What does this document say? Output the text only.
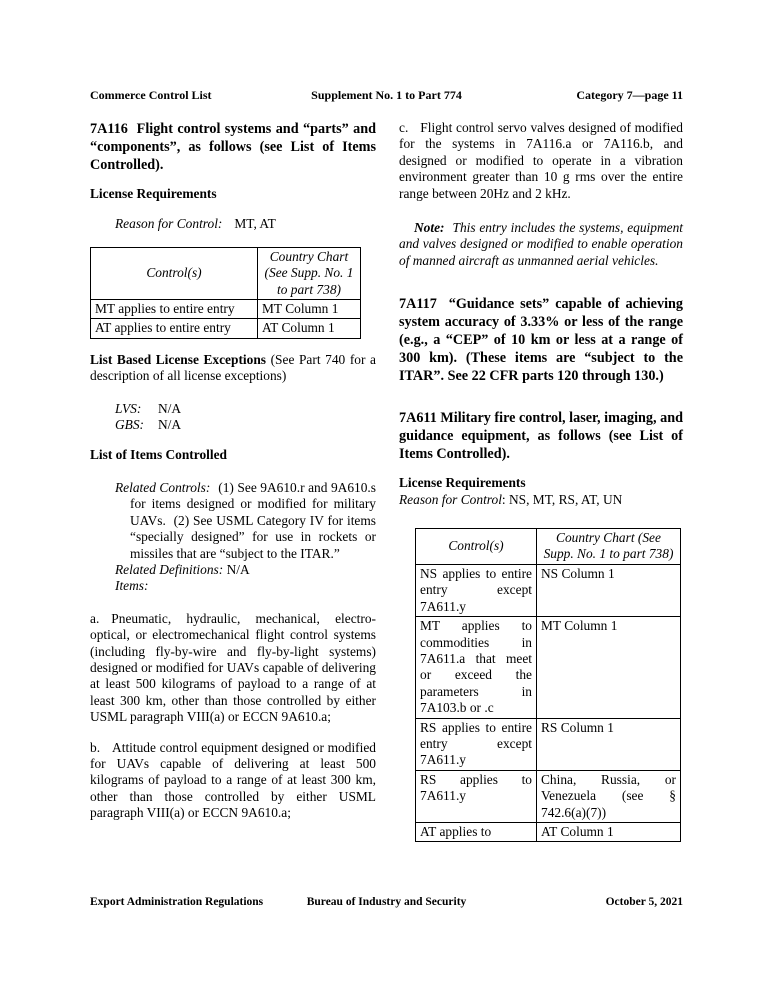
Commerce Control List	Supplement No. 1 to Part 774	Category 7—page 11
7A116  Flight control systems and “parts” and “components”, as follows (see List of Items Controlled).
License Requirements
Reason for Control: MT, AT
Control(s)	Country Chart (See Supp. No. 1 to part 738)
MT applies to entire entry	MT Column 1
AT applies to entire entry	AT Column 1
List Based License Exceptions (See Part 740 for a description of all license exceptions)
LVS: N/A
GBS: N/A
List of Items Controlled
Related Controls: (1) See 9A610.r and 9A610.s for items designed or modified for military UAVs.  (2) See USML Category IV for items “specially designed” for use in rockets or missiles that are “subject to the ITAR.”
Related Definitions: N/A
Items:
a. Pneumatic, hydraulic, mechanical, electro-optical, or electromechanical flight control systems (including fly-by-wire and fly-by-light systems) designed or modified for UAVs capable of delivering at least 500 kilograms of payload to a range of at least 300 km, other than those controlled by either USML paragraph VIII(a) or ECCN 9A610.a;
b. Attitude control equipment designed or modified for UAVs capable of delivering at least 500 kilograms of payload to a range of at least 300 km, other than those controlled by either USML paragraph VIII(a) or ECCN 9A610.a;
c. Flight control servo valves designed of modified for the systems in 7A116.a or 7A116.b, and designed or modified to operate in a vibration environment greater than 10 g rms over the entire range between 20Hz and 2 kHz.
Note: This entry includes the systems, equipment and valves designed or modified to enable operation of manned aircraft as unmanned aerial vehicles.
7A117  “Guidance sets” capable of achieving system accuracy of 3.33% or less of the range (e.g., a “CEP” of 10 km or less at a range of 300 km). (These items are “subject to the ITAR”. See 22 CFR parts 120 through 130.)
7A611 Military fire control, laser, imaging, and guidance equipment, as follows (see List of Items Controlled).
License Requirements
Reason for Control: NS, MT, RS, AT, UN
Control(s)	Country Chart (See Supp. No. 1 to part 738)
NS applies to entire entry except 7A611.y	NS Column 1
MT applies to commodities in 7A611.a that meet or exceed the parameters in 7A103.b or .c	MT Column 1
RS applies to entire entry except 7A611.y	RS Column 1
RS applies to 7A611.y	China, Russia, or Venezuela (see § 742.6(a)(7))
AT applies to	AT Column 1
Export Administration Regulations	Bureau of Industry and Security	October 5, 2021
